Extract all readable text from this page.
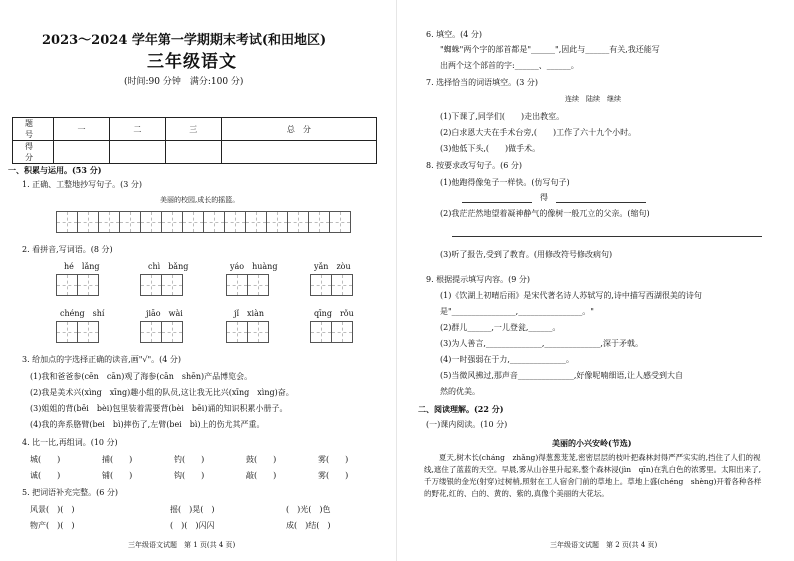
2023～2024 学年第一学期期末考试(和田地区)
三年级语文
(时间:90 分钟　满分:100 分)
题　号	一	二	三	总　分
得　分				
一、积累与运用。(53 分)
1. 正确、工整地抄写句子。(3 分)
美丽的校园,成长的摇篮。
2. 看拼音,写词语。(8 分)
hé　lǎng	chì　bǎng	yáo　huàng	yǎn　zòu
chéng　shí	jiāo　wài	jǐ　xiàn	qīng　rǒu
3. 给加点的字选择正确的读音,画"√"。(4 分)
(1)我和爸爸参(cēn　cān)观了海参(cān　shēn)产品博览会。
(2)我是美术兴(xìng　xīng)趣小组的队员,这让我无比兴(xīng　xìng)奋。
(3)姐姐的背(bēi　bèi)包里装着需要背(bèi　bēi)诵的知识积累小册子。
(4)我的奔系胳臂(bei　bì)摔伤了,左臂(bei　bì)上的伤尤其严重。
4. 比一比,再组词。(10 分)
城(　　)	捕(　　)	钓(　　)	鼓(　　)	雾(　　)
诚(　　)	铺(　　)	钩(　　)	敲(　　)	雾(　　)
5. 把词语补充完整。(6 分)
风景(　)(　)	摇(　)晃(　)	(　)光(　)色
物产(　)(　)	(　)(　)闪闪	成(　)结(　)
三年级语文试题　第 1 页(共 4 页)
6. 填空。(4 分)
"蜘蛛"两个字的部首都是"______",因此与______有关,我还能写
出两个这个部首的字:______、______。
7. 选择恰当的词语填空。(3 分)
连续　陆续　继续
(1)下课了,同学们(　　)走出教室。
(2)白求恩大夫在手术台旁,(　　)工作了六十九个小时。
(3)他低下头,(　　)做手术。
8. 按要求改写句子。(6 分)
(1)他跑得像兔子一样快。(仿写句子)
得
(2)我茫茫然地望着凝神静气的像树一般兀立的父亲。(缩句)
(3)听了报告,受到了教育。(用修改符号修改病句)
9. 根据提示填写内容。(9 分)
(1)《饮湖上初晴后雨》是宋代著名诗人苏轼写的,诗中描写西湖很美的诗句
是"________________,________________。"
(2)群儿______,一儿登瓮,______。
(3)为人善言,______________,______________,深于矛戟。
(4)一时强弱在于力,______________。
(5)当微风拂过,那声音______________,好像呢喃细语,让人感受到大自
然的优美。
二、阅读理解。(22 分)
(一)课内阅读。(10 分)
美丽的小兴安岭(节选)
夏天,树木长(cháng　zhǎng)得葱葱茏茏,密密层层的枝叶把森林封得严严实实的,挡住了人们的视线,遮住了蓝蓝的天空。早晨,雾从山谷里升起来,整个森林浸(jìn　qīn)在乳白色的浓雾里。太阳出来了,千万缕银的金光(射穿)过树梢,照射在工人宿舍门前的草地上。草地上盛(chéng　shèng)开着各种各样的野花,红的、白的、黄的、紫的,真像个美丽的大花坛。
三年级语文试题　第 2 页(共 4 页)
